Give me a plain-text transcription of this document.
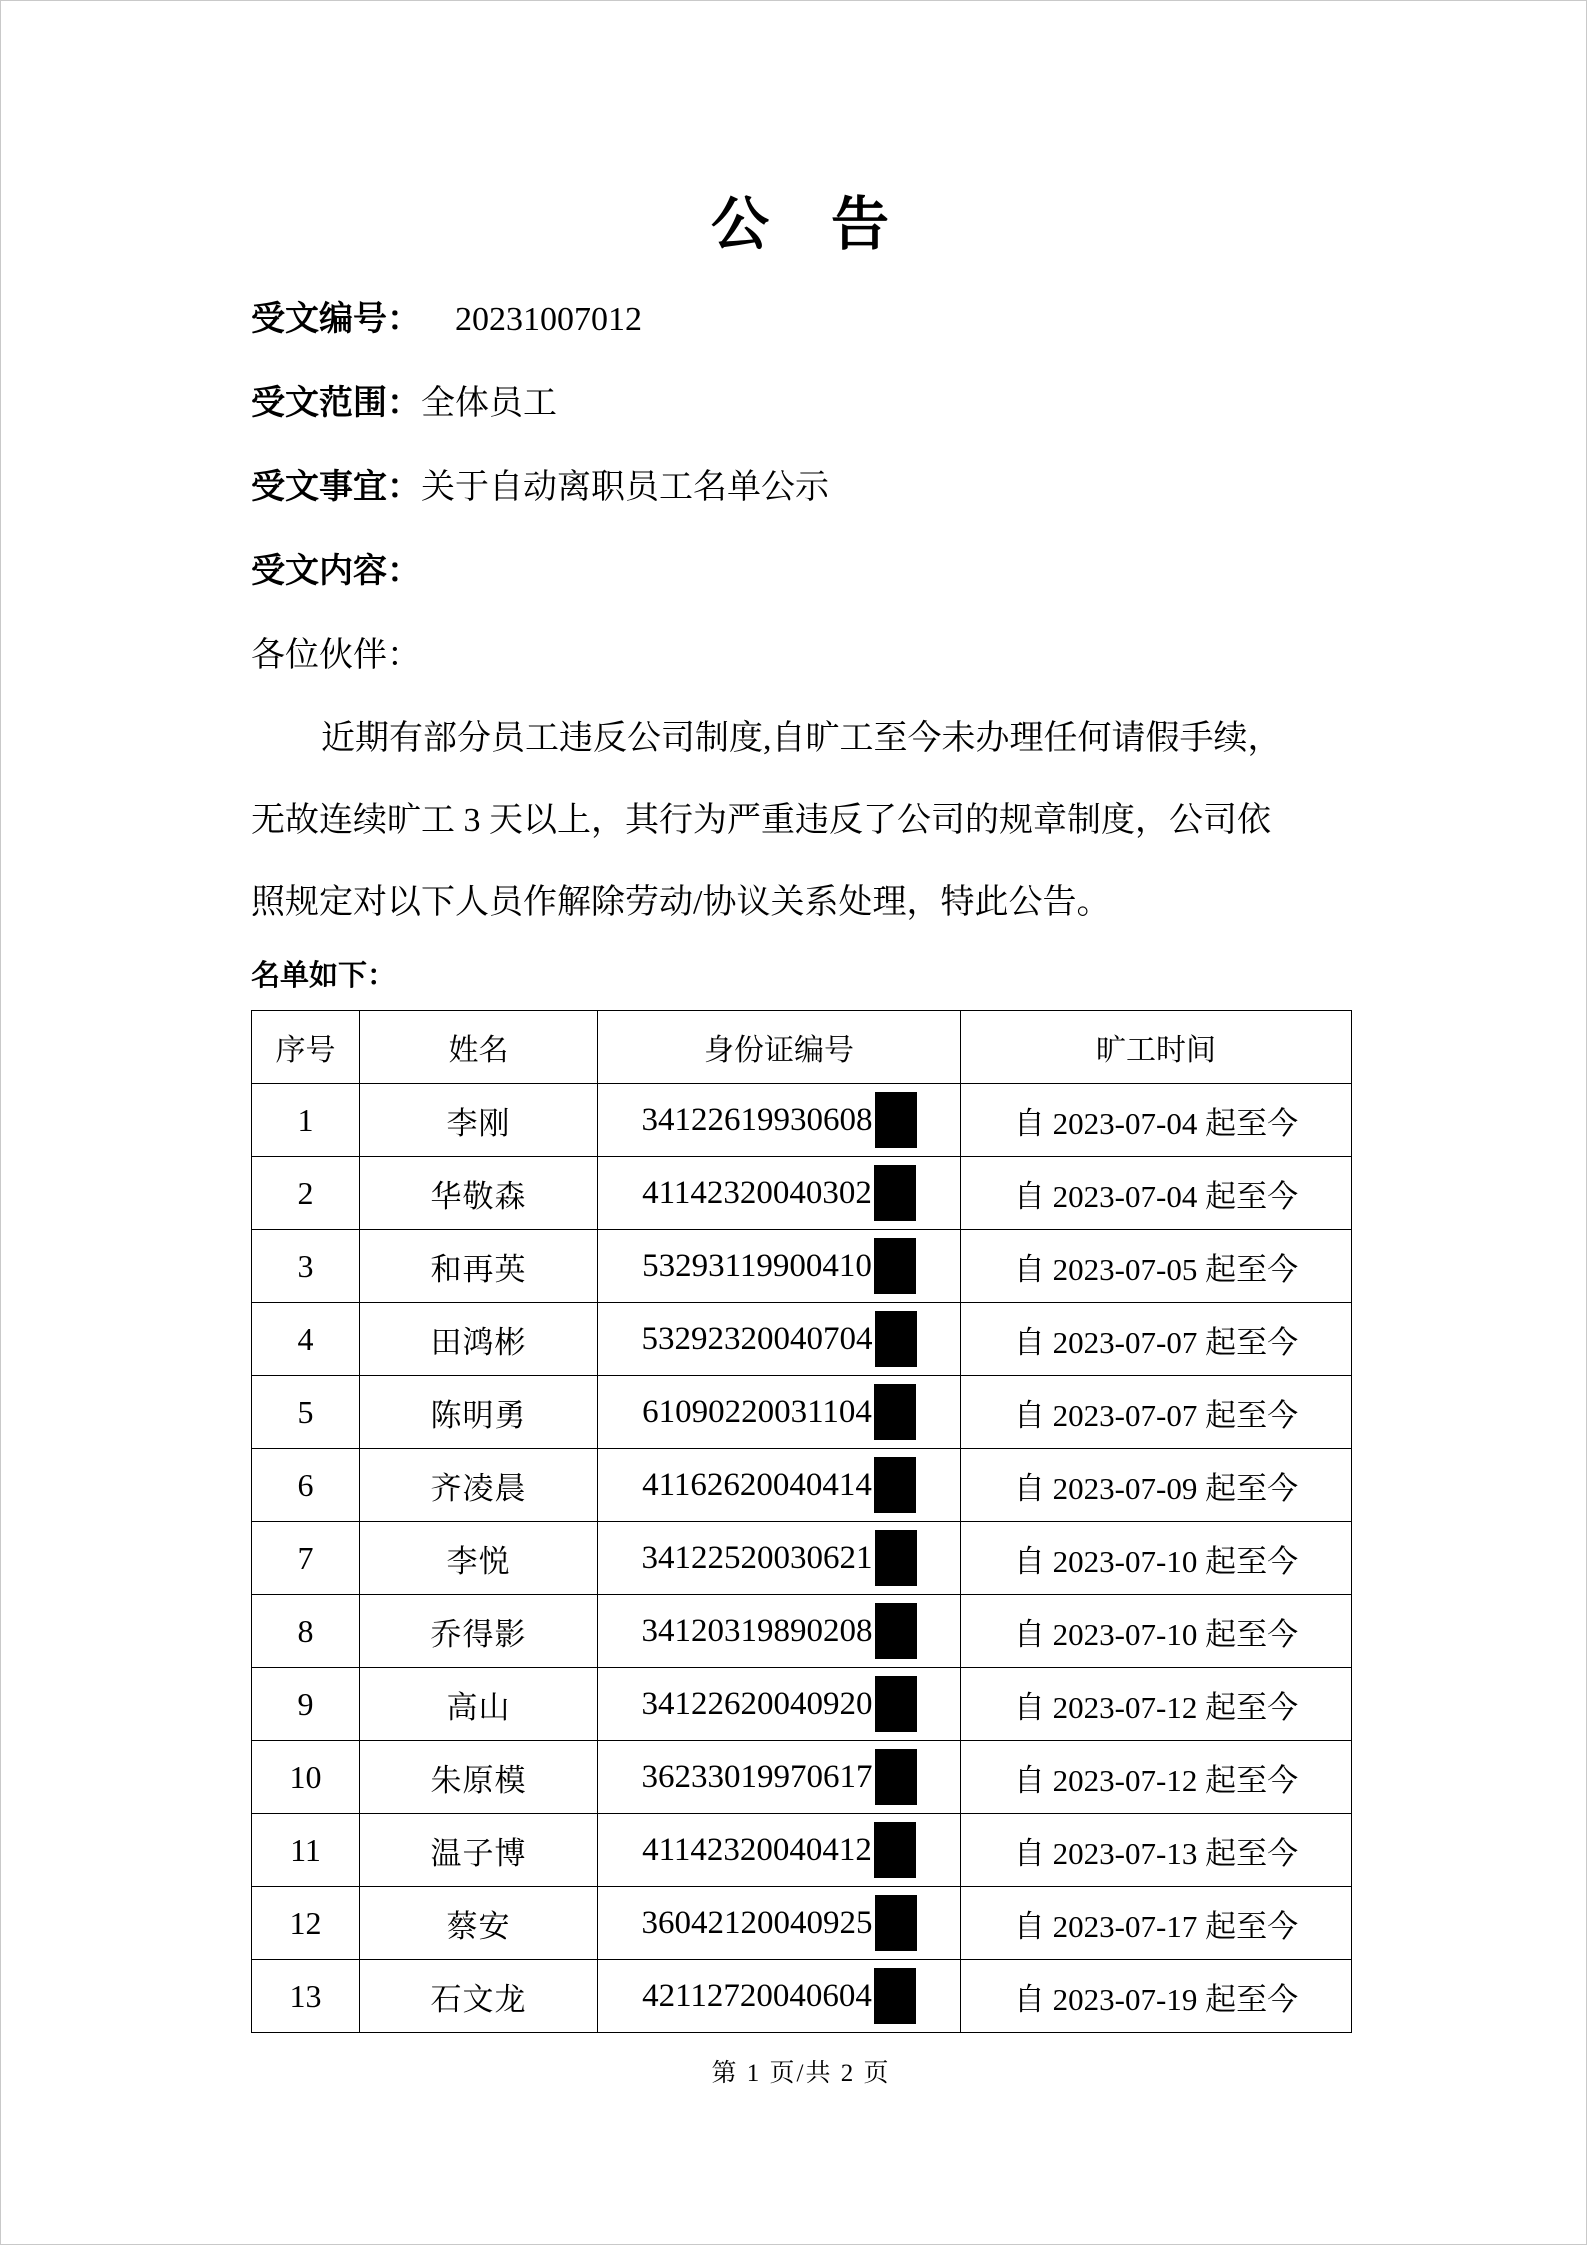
公　告
受文编号： 20231007012
受文范围： 全体员工
受文事宜： 关于自动离职员工名单公示
受文内容：
各位伙伴：
近期有部分员工违反公司制度,自旷工至今未办理任何请假手续，
无故连续旷工 3 天以上，其行为严重违反了公司的规章制度，公司依
照规定对以下人员作解除劳动/协议关系处理，特此公告。
名单如下：
序号	姓名	身份证编号	旷工时间
1	李刚	34122619930608	自 2023-07-04 起至今
2	华敬森	41142320040302	自 2023-07-04 起至今
3	和再英	53293119900410	自 2023-07-05 起至今
4	田鸿彬	53292320040704	自 2023-07-07 起至今
5	陈明勇	61090220031104	自 2023-07-07 起至今
6	齐凌晨	41162620040414	自 2023-07-09 起至今
7	李悦	34122520030621	自 2023-07-10 起至今
8	乔得影	34120319890208	自 2023-07-10 起至今
9	高山	34122620040920	自 2023-07-12 起至今
10	朱原模	36233019970617	自 2023-07-12 起至今
11	温子博	41142320040412	自 2023-07-13 起至今
12	蔡安	36042120040925	自 2023-07-17 起至今
13	石文龙	42112720040604	自 2023-07-19 起至今
第 1 页/共 2 页
